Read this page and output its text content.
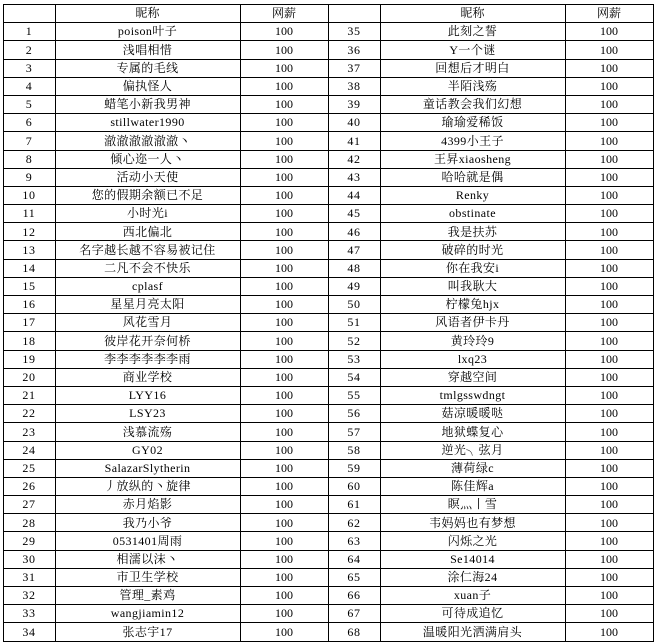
	昵称	网薪		昵称	网薪
1	poison叶子	100	35	此刻之誓	100
2	浅唱相惜	100	36	Y一个谜	100
3	专属的毛线	100	37	回想后才明白	100
4	偏执怪人	100	38	半陌浅殇	100
5	蜡笔小新我男神	100	39	童话教会我们幻想	100
6	stillwater1990	100	40	瑜瑜爱稀饭	100
7	澈澈澈澈澈澈丶	100	41	4399小王子	100
8	倾心迩一人丶	100	42	王昇xiaosheng	100
9	活动小天使	100	43	哈哈就是偶	100
10	您的假期余额已不足	100	44	Renky	100
11	小时光i	100	45	obstinate	100
12	西北偏北	100	46	我是扶苏	100
13	名字越长越不容易被记住	100	47	破碎的时光	100
14	二凡不会不快乐	100	48	你在我安i	100
15	cplasf	100	49	叫我耿大	100
16	星星月亮太阳	100	50	柠檬兔hjx	100
17	风花雪月	100	51	风语者伊卡丹	100
18	彼岸花开奈何桥	100	52	黄玲玲9	100
19	李李李李李李雨	100	53	lxq23	100
20	商业学校	100	54	穿越空间	100
21	LYY16	100	55	tmlgsswdngt	100
22	LSY23	100	56	菇凉暖暖哒	100
23	浅慕流殇	100	57	地狱蝶复心	100
24	GY02	100	58	逆光╮弦月	100
25	SalazarSlytherin	100	59	薄荷绿c	100
26	丿放纵的丶旋律	100	60	陈佳辉a	100
27	赤月焰影	100	61	瞑灬丨雪	100
28	我乃小爷	100	62	韦妈妈也有梦想	100
29	0531401周雨	100	63	闪烁之光	100
30	相濡以沫丶	100	64	Se14014	100
31	市卫生学校	100	65	涂仁海24	100
32	管理_素鸡	100	66	xuan子	100
33	wangjiamin12	100	67	可待成追忆	100
34	张志宇17	100	68	温暖阳光洒满肩头	100
